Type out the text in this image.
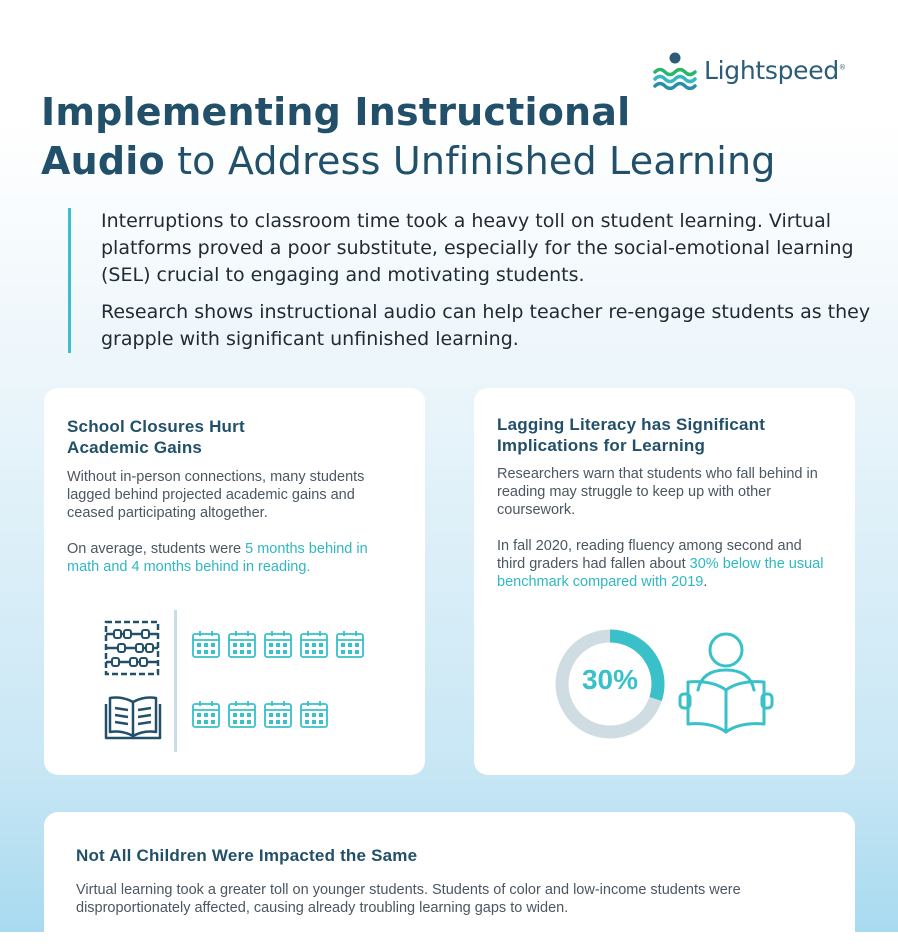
Lightspeed®
Implementing Instructional
Audio to Address Unfinished Learning

Interruptions to classroom time took a heavy toll on student learning. Virtual platforms proved a poor substitute, especially for the social-emotional learning (SEL) crucial to engaging and motivating students.

Research shows instructional audio can help teacher re-engage students as they grapple with significant unfinished learning.

School Closures Hurt Academic Gains

Without in-person connections, many students lagged behind projected academic gains and ceased participating altogether.

On average, students were 5 months behind in math and 4 months behind in reading.

Lagging Literacy has Significant Implications for Learning

Researchers warn that students who fall behind in reading may struggle to keep up with other coursework.

In fall 2020, reading fluency among second and third graders had fallen about 30% below the usual benchmark compared with 2019.

30%
Not All Children Were Impacted the Same

Virtual learning took a greater toll on younger students. Students of color and low-income students were disproportionately affected, causing already troubling learning gaps to widen.
